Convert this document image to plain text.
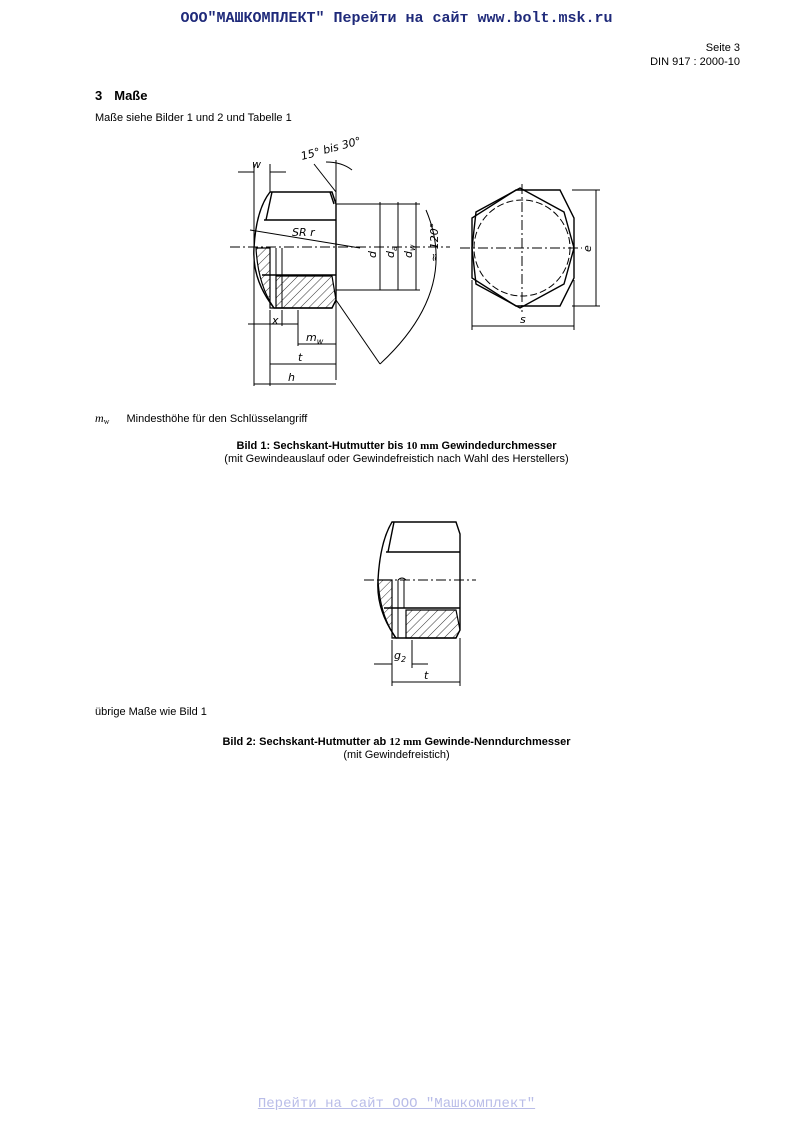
ООО"МАШКОМПЛЕКТ" Перейти на сайт www.bolt.msk.ru
Seite 3
DIN 917 : 2000-10
3 Maße
Maße siehe Bilder 1 und 2 und Tabelle 1
w
15° bis 30°
SR r
d $d_a$
$d_w \approx 120^\circ$
x
$m_w$
t
h
e
s
mw Mindesthöhe für den Schlüsselangriff
Bild 1: Sechskant-Hutmutter bis 10 mm Gewindedurchmesser
(mit Gewindeauslauf oder Gewindefreistich nach Wahl des Herstellers)
$g_2$
t
übrige Maße wie Bild 1
Bild 2: Sechskant-Hutmutter ab 12 mm Gewinde-Nenndurchmesser
(mit Gewindefreistich)
Перейти на сайт ООО "Машкомплект"
